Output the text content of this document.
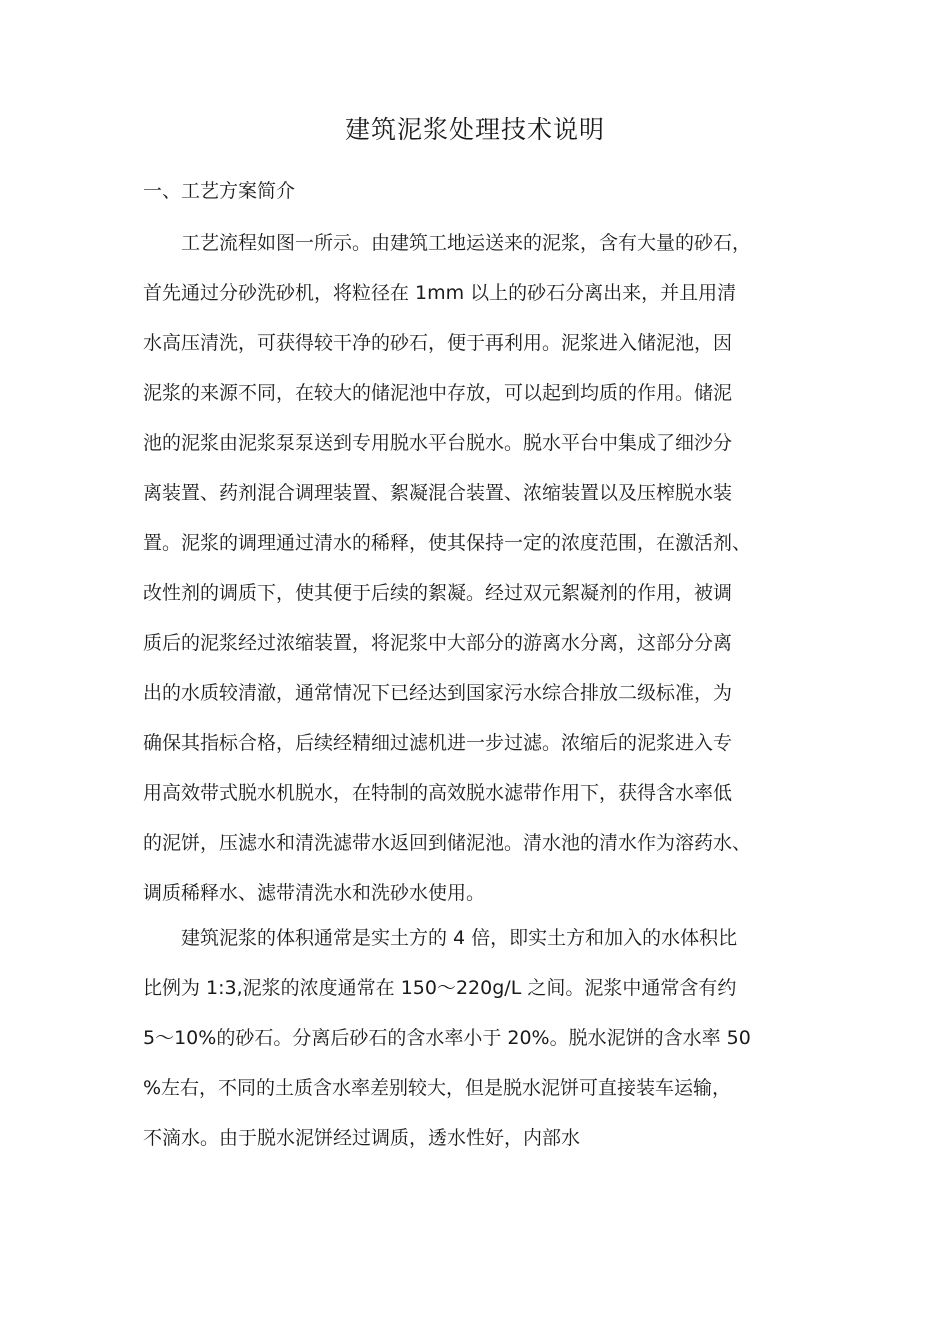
建筑泥浆处理技术说明
一、工艺方案简介
　　工艺流程如图一所示。由建筑工地运送来的泥浆，含有大量的砂石，
首先通过分砂洗砂机，将粒径在 1mm 以上的砂石分离出来，并且用清
水高压清洗，可获得较干净的砂石，便于再利用。泥浆进入储泥池，因
泥浆的来源不同，在较大的储泥池中存放，可以起到均质的作用。储泥
池的泥浆由泥浆泵泵送到专用脱水平台脱水。脱水平台中集成了细沙分
离装置、药剂混合调理装置、絮凝混合装置、浓缩装置以及压榨脱水装
置。泥浆的调理通过清水的稀释，使其保持一定的浓度范围，在激活剂、
改性剂的调质下，使其便于后续的絮凝。经过双元絮凝剂的作用，被调
质后的泥浆经过浓缩装置，将泥浆中大部分的游离水分离，这部分分离
出的水质较清澈，通常情况下已经达到国家污水综合排放二级标准，为
确保其指标合格，后续经精细过滤机进一步过滤。浓缩后的泥浆进入专
用高效带式脱水机脱水，在特制的高效脱水滤带作用下，获得含水率低
的泥饼，压滤水和清洗滤带水返回到储泥池。清水池的清水作为溶药水、
调质稀释水、滤带清洗水和洗砂水使用。
　　建筑泥浆的体积通常是实土方的 4 倍，即实土方和加入的水体积比
比例为 1:3,泥浆的浓度通常在 150～220g/L 之间。泥浆中通常含有约
5～10%的砂石。分离后砂石的含水率小于 20%。脱水泥饼的含水率 50
%左右，不同的土质含水率差别较大，但是脱水泥饼可直接装车运输，
不滴水。由于脱水泥饼经过调质，透水性好，内部水
